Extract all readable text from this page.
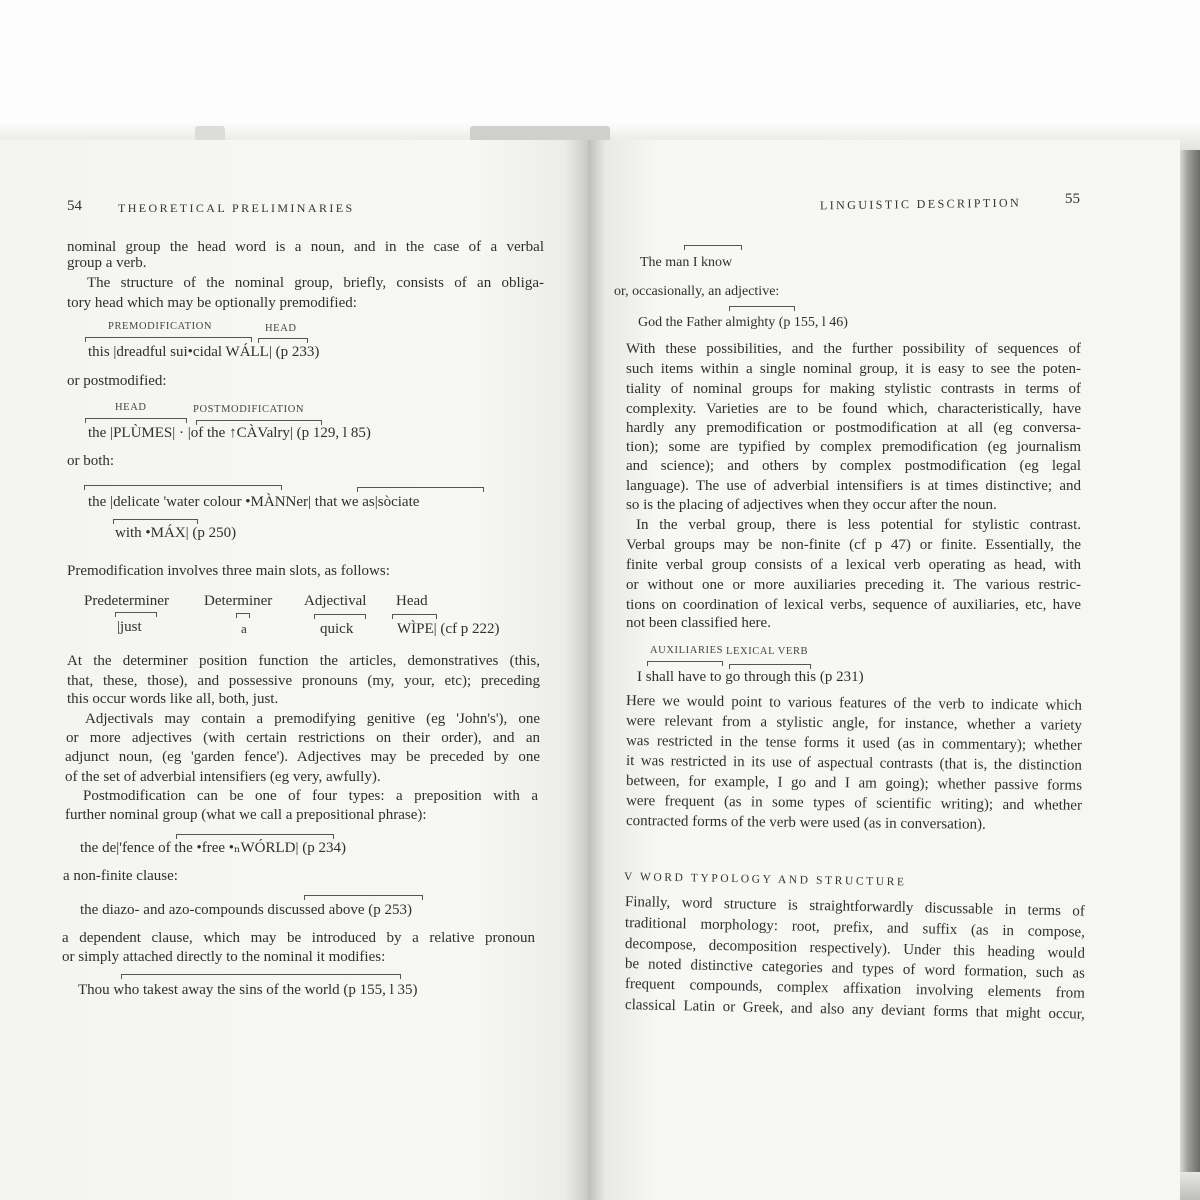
54	THEORETICAL PRELIMINARIES
nominal group the head word is a noun, and in the case of a verbal
group a verb.
The structure of the nominal group, briefly, consists of an obliga-
tory head which may be optionally premodified:
PREMODIFICATION	HEAD
this |dreadful sui•cidal WÁLL| (p 233)
or postmodified:
HEAD	POSTMODIFICATION
the |PLÙMES| · |of the ↑CÀValry| (p 129, l 85)
or both:
the |delicate 'water colour •MÀNNer| that we as|sòciate
with •MÁX| (p 250)
Premodification involves three main slots, as follows:
Predeterminer Determiner Adjectival Head
|just	a	quick	WÌPE| (cf p 222)
At the determiner position function the articles, demonstratives (this,
that, these, those), and possessive pronouns (my, your, etc); preceding
this occur words like all, both, just.
Adjectivals may contain a premodifying genitive (eg 'John's'), one
or more adjectives (with certain restrictions on their order), and an
adjunct noun, (eg 'garden fence'). Adjectives may be preceded by one
of the set of adverbial intensifiers (eg very, awfully).
Postmodification can be one of four types: a preposition with a
further nominal group (what we call a prepositional phrase):
the de|'fence of the •free •ₙWÓRLD| (p 234)
a non-finite clause:
the diazo- and azo-compounds discussed above (p 253)
a dependent clause, which may be introduced by a relative pronoun
or simply attached directly to the nominal it modifies:
Thou who takest away the sins of the world (p 155, l 35)
LINGUISTIC DESCRIPTION	55
The man I know
or, occasionally, an adjective:
God the Father almighty (p 155, l 46)
With these possibilities, and the further possibility of sequences of
such items within a single nominal group, it is easy to see the poten-
tiality of nominal groups for making stylistic contrasts in terms of
complexity. Varieties are to be found which, characteristically, have
hardly any premodification or postmodification at all (eg conversa-
tion); some are typified by complex premodification (eg journalism
and science); and others by complex postmodification (eg legal
language). The use of adverbial intensifiers is at times distinctive; and
so is the placing of adjectives when they occur after the noun.
In the verbal group, there is less potential for stylistic contrast.
Verbal groups may be non-finite (cf p 47) or finite. Essentially, the
finite verbal group consists of a lexical verb operating as head, with
or without one or more auxiliaries preceding it. The various restric-
tions on coordination of lexical verbs, sequence of auxiliaries, etc, have
not been classified here.
AUXILIARIES LEXICAL VERB
I shall have to go through this (p 231)
Here we would point to various features of the verb to indicate which
were relevant from a stylistic angle, for instance, whether a variety
was restricted in the tense forms it used (as in commentary); whether
it was restricted in its use of aspectual contrasts (that is, the distinction
between, for example, I go and I am going); whether passive forms
were frequent (as in some types of scientific writing); and whether
contracted forms of the verb were used (as in conversation).
V WORD TYPOLOGY AND STRUCTURE
Finally, word structure is straightforwardly discussable in terms of
traditional morphology: root, prefix, and suffix (as in compose,
decompose, decomposition respectively). Under this heading would
be noted distinctive categories and types of word formation, such as
frequent compounds, complex affixation involving elements from
classical Latin or Greek, and also any deviant forms that might occur,
